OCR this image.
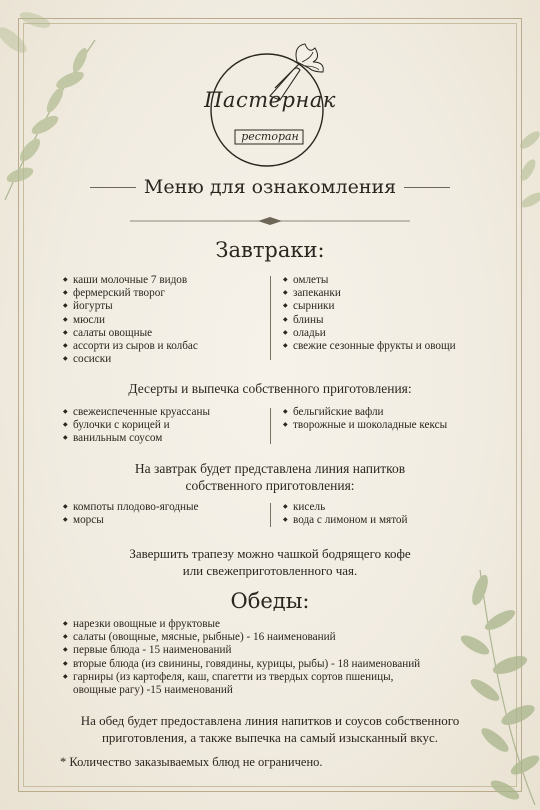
Пастернак
ресторан
Меню для ознакомления
Завтраки:
◆ каши молочные 7 видов
◆ фермерский творог
◆ йогурты
◆ мюсли
◆ салаты овощные
◆ ассорти из сыров и колбас
◆ сосиски
◆ омлеты
◆ запеканки
◆ сырники
◆ блины
◆ оладьи
◆ свежие сезонные фрукты и овощи
Десерты и выпечка собственного приготовления:
◆ свежеиспеченные круассаны
◆ булочки с корицей и
◆ ванильным соусом
◆ бельгийские вафли
◆ творожные и шоколадные кексы
На завтрак будет представлена линия напитков
собственного приготовления:
◆ компоты плодово-ягодные
◆ морсы
◆ кисель
◆ вода с лимоном и мятой
Завершить трапезу можно чашкой бодрящего кофе
или свежеприготовленного чая.
Обеды:
◆ нарезки овощные и фруктовые
◆ салаты (овощные, мясные, рыбные) - 16 наименований
◆ первые блюда - 15 наименований
◆ вторые блюда (из свинины, говядины, курицы, рыбы) - 18 наименований
◆ гарниры (из картофеля, каш, спагетти из твердых сортов пшеницы,
овощные рагу) -15 наименований
На обед будет предоставлена линия напитков и соусов собственного
приготовления, а также выпечка на самый изысканный вкус.
* Количество заказываемых блюд не ограничено.
